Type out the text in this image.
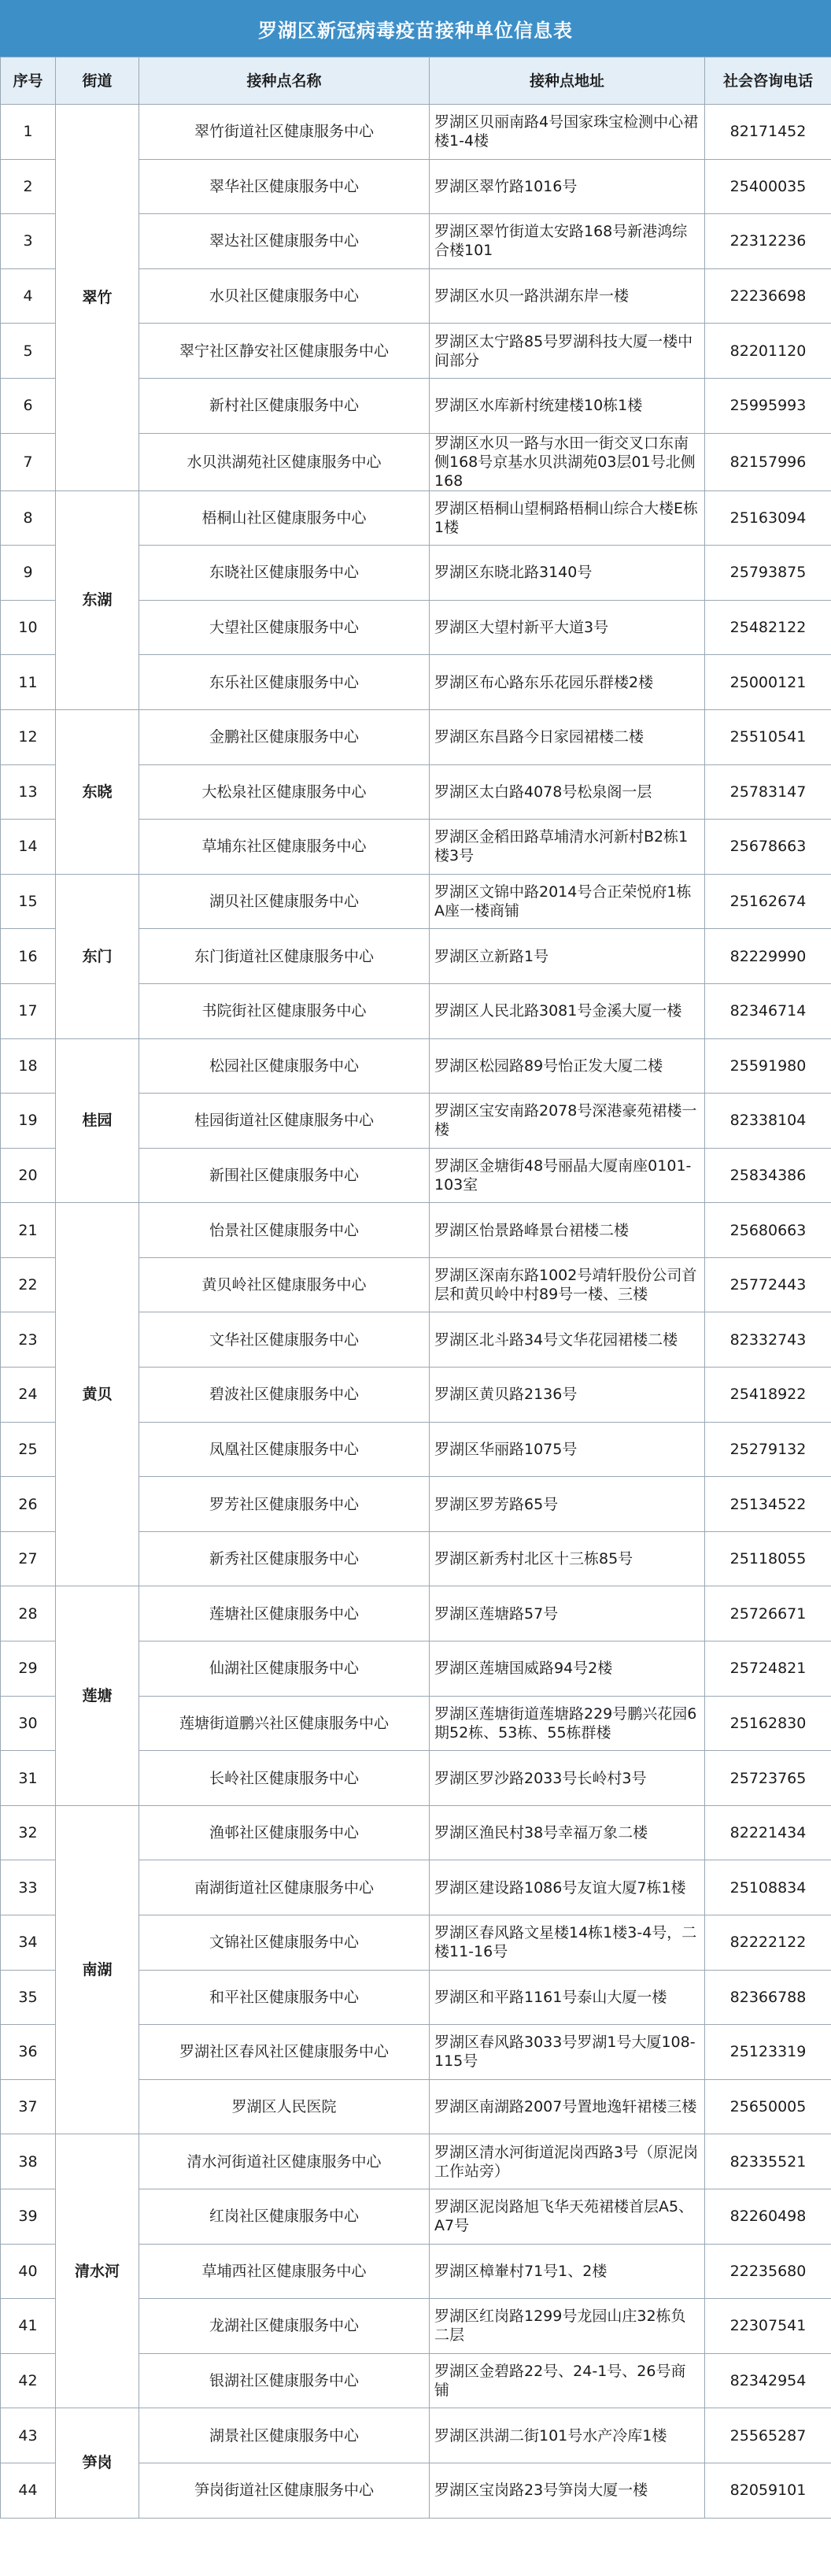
罗湖区新冠病毒疫苗接种单位信息表
序号	街道	接种点名称	接种点地址	社会咨询电话
1	翠竹	翠竹街道社区健康服务中心	罗湖区贝丽南路4号国家珠宝检测中心裙楼1-4楼	82171452
2		翠华社区健康服务中心	罗湖区翠竹路1016号	25400035
3		翠达社区健康服务中心	罗湖区翠竹街道太安路168号新港鸿综合楼101	22312236
4		水贝社区健康服务中心	罗湖区水贝一路洪湖东岸一楼	22236698
5		翠宁社区静安社区健康服务中心	罗湖区太宁路85号罗湖科技大厦一楼中间部分	82201120
6		新村社区健康服务中心	罗湖区水库新村统建楼10栋1楼	25995993
7		水贝洪湖苑社区健康服务中心	罗湖区水贝一路与水田一街交叉口东南侧168号京基水贝洪湖苑03层01号北侧168	82157996
8	东湖	梧桐山社区健康服务中心	罗湖区梧桐山望桐路梧桐山综合大楼E栋1楼	25163094
9		东晓社区健康服务中心	罗湖区东晓北路3140号	25793875
10		大望社区健康服务中心	罗湖区大望村新平大道3号	25482122
11		东乐社区健康服务中心	罗湖区布心路东乐花园乐群楼2楼	25000121
12	东晓	金鹏社区健康服务中心	罗湖区东昌路今日家园裙楼二楼	25510541
13		大松泉社区健康服务中心	罗湖区太白路4078号松泉阁一层	25783147
14		草埔东社区健康服务中心	罗湖区金稻田路草埔清水河新村B2栋1楼3号	25678663
15	东门	湖贝社区健康服务中心	罗湖区文锦中路2014号合正荣悦府1栋A座一楼商铺	25162674
16		东门街道社区健康服务中心	罗湖区立新路1号	82229990
17		书院街社区健康服务中心	罗湖区人民北路3081号金溪大厦一楼	82346714
18	桂园	松园社区健康服务中心	罗湖区松园路89号怡正发大厦二楼	25591980
19		桂园街道社区健康服务中心	罗湖区宝安南路2078号深港豪苑裙楼一楼	82338104
20		新围社区健康服务中心	罗湖区金塘街48号丽晶大厦南座0101-103室	25834386
21	黄贝	怡景社区健康服务中心	罗湖区怡景路峰景台裙楼二楼	25680663
22		黄贝岭社区健康服务中心	罗湖区深南东路1002号靖轩股份公司首层和黄贝岭中村89号一楼、三楼	25772443
23		文华社区健康服务中心	罗湖区北斗路34号文华花园裙楼二楼	82332743
24		碧波社区健康服务中心	罗湖区黄贝路2136号	25418922
25		凤凰社区健康服务中心	罗湖区华丽路1075号	25279132
26		罗芳社区健康服务中心	罗湖区罗芳路65号	25134522
27		新秀社区健康服务中心	罗湖区新秀村北区十三栋85号	25118055
28	莲塘	莲塘社区健康服务中心	罗湖区莲塘路57号	25726671
29		仙湖社区健康服务中心	罗湖区莲塘国威路94号2楼	25724821
30		莲塘街道鹏兴社区健康服务中心	罗湖区莲塘街道莲塘路229号鹏兴花园6期52栋、53栋、55栋群楼	25162830
31		长岭社区健康服务中心	罗湖区罗沙路2033号长岭村3号	25723765
32	南湖	渔邨社区健康服务中心	罗湖区渔民村38号幸福万象二楼	82221434
33		南湖街道社区健康服务中心	罗湖区建设路1086号友谊大厦7栋1楼	25108834
34		文锦社区健康服务中心	罗湖区春风路文星楼14栋1楼3-4号，二楼11-16号	82222122
35		和平社区健康服务中心	罗湖区和平路1161号泰山大厦一楼	82366788
36		罗湖社区春风社区健康服务中心	罗湖区春风路3033号罗湖1号大厦108-115号	25123319
37		罗湖区人民医院	罗湖区南湖路2007号置地逸轩裙楼三楼	25650005
38	清水河	清水河街道社区健康服务中心	罗湖区清水河街道泥岗西路3号（原泥岗工作站旁）	82335521
39		红岗社区健康服务中心	罗湖区泥岗路旭飞华天苑裙楼首层A5、A7号	82260498
40		草埔西社区健康服务中心	罗湖区樟輋村71号1、2楼	22235680
41		龙湖社区健康服务中心	罗湖区红岗路1299号龙园山庄32栋负二层	22307541
42		银湖社区健康服务中心	罗湖区金碧路22号、24-1号、26号商铺	82342954
43	笋岗	湖景社区健康服务中心	罗湖区洪湖二街101号水产冷库1楼	25565287
44		笋岗街道社区健康服务中心	罗湖区宝岗路23号笋岗大厦一楼	82059101
